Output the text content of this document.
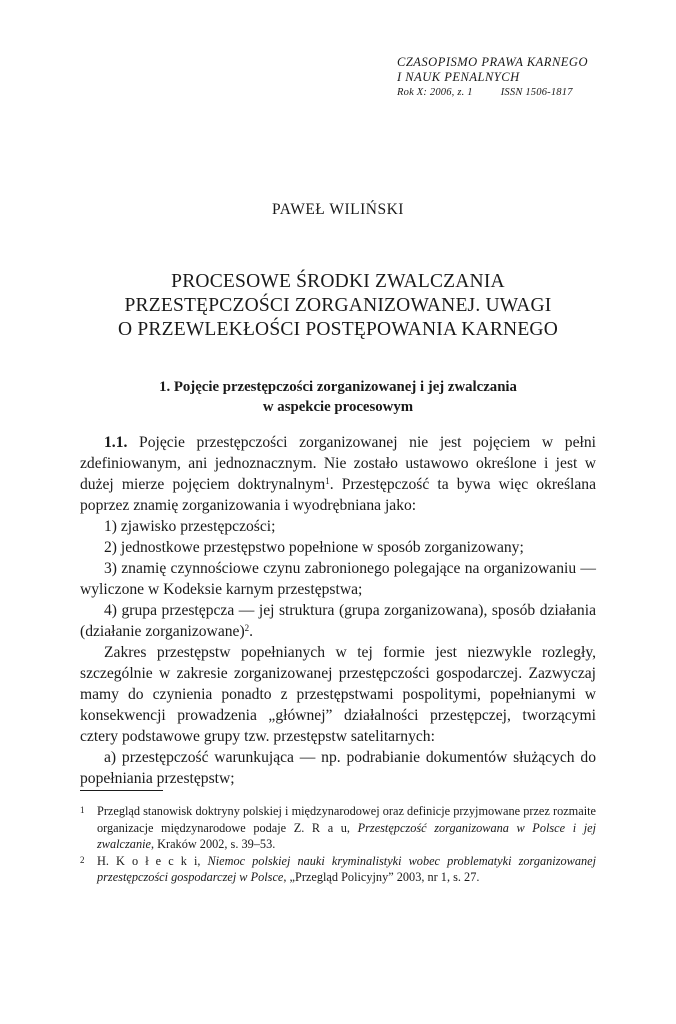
CZASOPISMO PRAWA KARNEGO
I NAUK PENALNYCH
Rok X: 2006, z. 1	ISSN 1506-1817
PAWEŁ WILIŃSKI
PROCESOWE ŚRODKI ZWALCZANIA
PRZESTĘPCZOŚCI ZORGANIZOWANEJ. UWAGI
O PRZEWLEKŁOŚCI POSTĘPOWANIA KARNEGO
1. Pojęcie przestępczości zorganizowanej i jej zwalczania
w aspekcie procesowym

1.1. Pojęcie przestępczości zorganizowanej nie jest pojęciem w pełni zdefiniowanym, ani jednoznacznym. Nie zostało ustawowo określone i jest w dużej mierze pojęciem doktrynalnym$^1$. Przestępczość ta bywa więc określana poprzez znamię zorganizowania i wyodrębniana jako:

1) zjawisko przestępczości;

2) jednostkowe przestępstwo popełnione w sposób zorganizowany;

3) znamię czynnościowe czynu zabronionego polegające na organizowaniu — wyliczone w Kodeksie karnym przestępstwa;

4) grupa przestępcza — jej struktura (grupa zorganizowana), sposób działania (działanie zorganizowane)$^2$.

Zakres przestępstw popełnianych w tej formie jest niezwykle rozległy, szczególnie w zakresie zorganizowanej przestępczości gospodarczej. Zazwyczaj mamy do czynienia ponadto z przestępstwami pospolitymi, popełnianymi w konsekwencji prowadzenia „głównej” działalności przestępczej, tworzącymi cztery podstawowe grupy tzw. przestępstw satelitarnych:

a) przestępczość warunkująca — np. podrabianie dokumentów służących do popełniania przestępstw;

1 Przegląd stanowisk doktryny polskiej i międzynarodowej oraz definicje przyjmowane przez rozmaite organizacje międzynarodowe podaje Z. R a u, Przestępczość zorganizowana w Polsce i jej zwalczanie, Kraków 2002, s. 39–53.
2 H. K o ł e c k i, Niemoc polskiej nauki kryminalistyki wobec problematyki zorganizowanej przestępczości gospodarczej w Polsce, „Przegląd Policyjny” 2003, nr 1, s. 27.
